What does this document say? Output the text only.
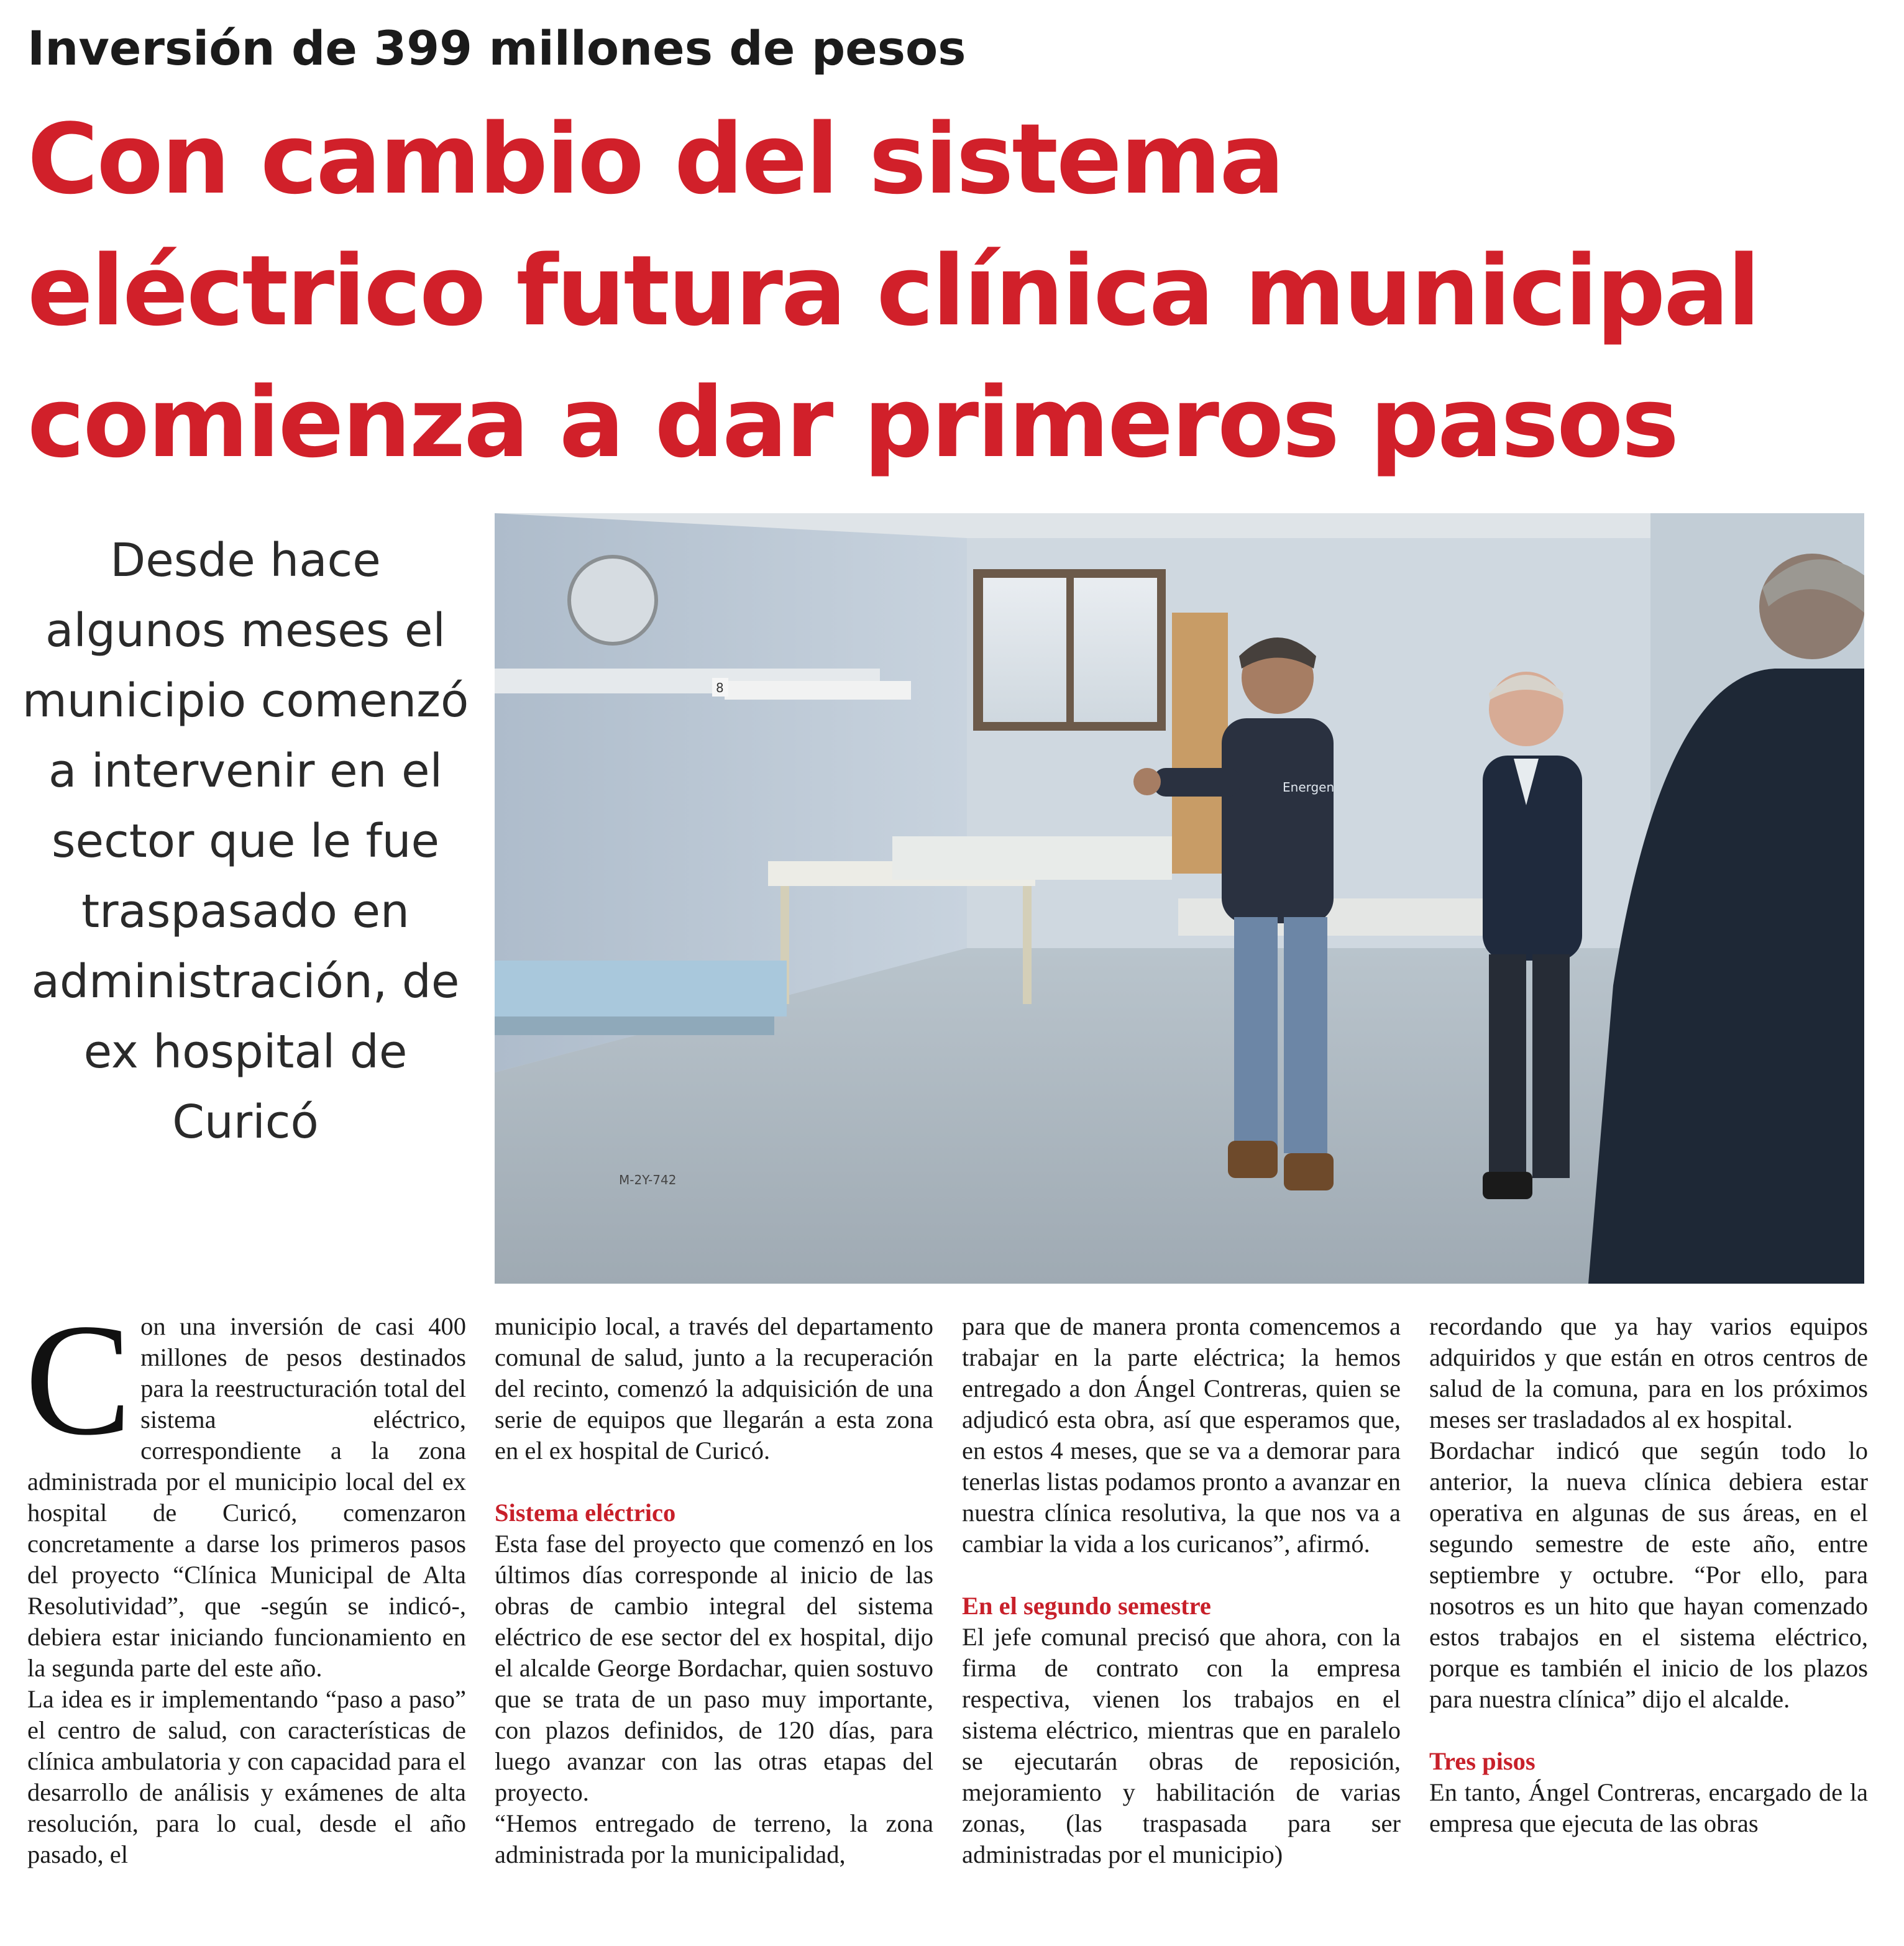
Inversión de 399 millones de pesos
Con cambio del sistema
eléctrico futura clínica municipal
comienza a dar primeros pasos
Desde hace algunos meses el municipio comenzó a intervenir en el sector que le fue traspasado en administración, de ex hospital de Curicó
Energen
8
M-2Y-742
C on una inversión de casi 400 millones de pesos destinados para la reestructuración total del sistema eléctrico, correspondiente a la zona administrada por el municipio local del ex hospital de Curicó, comenzaron concretamente a darse los primeros pasos del proyecto “Clínica Municipal de Alta Resolutividad”, que -según se indicó-, debiera estar iniciando funcionamiento en la segunda parte del este año.

La idea es ir implementando “paso a paso” el centro de salud, con características de clínica ambulatoria y con capacidad para el desarrollo de análisis y exámenes de alta resolución, para lo cual, desde el año pasado, el

municipio local, a través del departamento comunal de salud, junto a la recuperación del recinto, comenzó la adquisición de una serie de equipos que llegarán a esta zona en el ex hospital de Curicó.

Sistema eléctrico

Esta fase del proyecto que comenzó en los últimos días corresponde al inicio de las obras de cambio integral del sistema eléctrico de ese sector del ex hospital, dijo el alcalde George Bordachar, quien sostuvo que se trata de un paso muy importante, con plazos definidos, de 120 días, para luego avanzar con las otras etapas del proyecto.

“Hemos entregado de terreno, la zona administrada por la municipalidad,

para que de manera pronta comencemos a trabajar en la parte eléctrica; la hemos entregado a don Ángel Contreras, quien se adjudicó esta obra, así que esperamos que, en estos 4 meses, que se va a demorar para tenerlas listas podamos pronto a avanzar en nuestra clínica resolutiva, la que nos va a cambiar la vida a los curicanos”, afirmó.

En el segundo semestre

El jefe comunal precisó que ahora, con la firma de contrato con la empresa respectiva, vienen los trabajos en el sistema eléctrico, mientras que en paralelo se ejecutarán obras de reposición, mejoramiento y habilitación de varias zonas, (las traspasada para ser administradas por el municipio)

recordando que ya hay varios equipos adquiridos y que están en otros centros de salud de la comuna, para en los próximos meses ser trasladados al ex hospital.

Bordachar indicó que según todo lo anterior, la nueva clínica debiera estar operativa en algunas de sus áreas, en el segundo semestre de este año, entre septiembre y octubre. “Por ello, para nosotros es un hito que hayan comenzado estos trabajos en el sistema eléctrico, porque es también el inicio de los plazos para nuestra clínica” dijo el alcalde.

Tres pisos

En tanto, Ángel Contreras, encargado de la empresa que ejecuta de las obras
